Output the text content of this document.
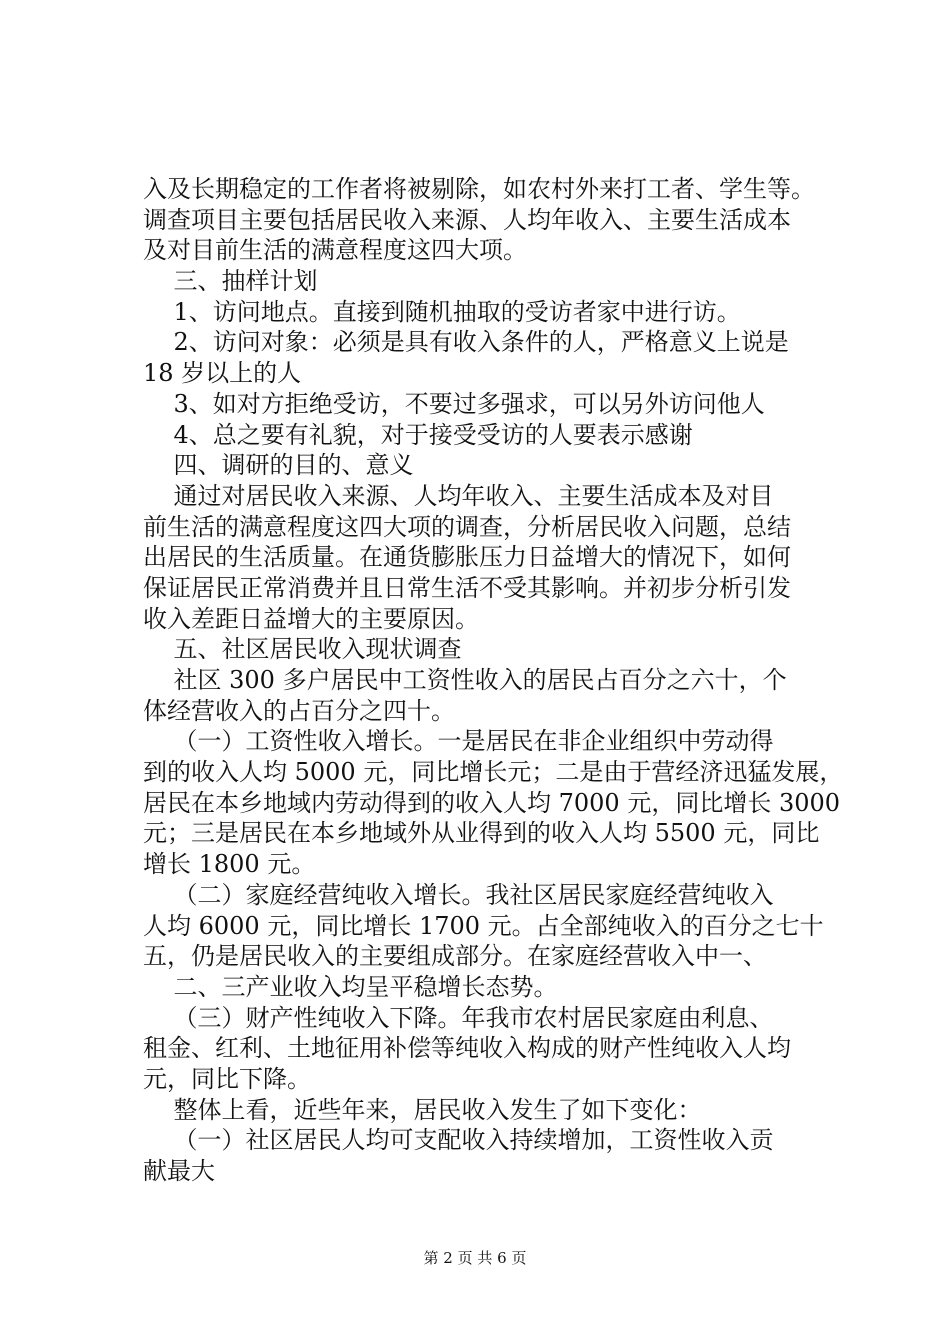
入及长期稳定的工作者将被剔除，如农村外来打工者、学生等。
调查项目主要包括居民收入来源、人均年收入、主要生活成本
及对目前生活的满意程度这四大项。
三、抽样计划
1、访问地点。直接到随机抽取的受访者家中进行访。
2、访问对象：必须是具有收入条件的人，严格意义上说是
18 岁以上的人
3、如对方拒绝受访，不要过多强求，可以另外访问他人
4、总之要有礼貌，对于接受受访的人要表示感谢
四、调研的目的、意义
通过对居民收入来源、人均年收入、主要生活成本及对目
前生活的满意程度这四大项的调查，分析居民收入问题，总结
出居民的生活质量。在通货膨胀压力日益增大的情况下，如何
保证居民正常消费并且日常生活不受其影响。并初步分析引发
收入差距日益增大的主要原因。
五、社区居民收入现状调查
社区 300 多户居民中工资性收入的居民占百分之六十，个
体经营收入的占百分之四十。
（一）工资性收入增长。一是居民在非企业组织中劳动得
到的收入人均 5000 元，同比增长元；二是由于营经济迅猛发展，
居民在本乡地域内劳动得到的收入人均 7000 元，同比增长 3000
元；三是居民在本乡地域外从业得到的收入人均 5500 元，同比
增长 1800 元。
（二）家庭经营纯收入增长。我社区居民家庭经营纯收入
人均 6000 元，同比增长 1700 元。占全部纯收入的百分之七十
五，仍是居民收入的主要组成部分。在家庭经营收入中一、
二、三产业收入均呈平稳增长态势。
（三）财产性纯收入下降。年我市农村居民家庭由利息、
租金、红利、土地征用补偿等纯收入构成的财产性纯收入人均
元，同比下降。
整体上看，近些年来，居民收入发生了如下变化：
（一）社区居民人均可支配收入持续增加，工资性收入贡
献最大
第 2 页 共 6 页
